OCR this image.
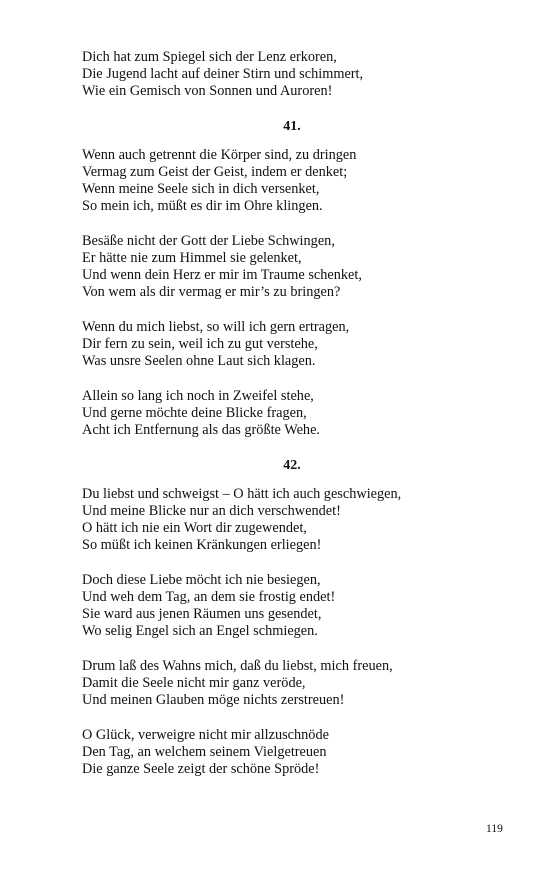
Dich hat zum Spiegel sich der Lenz erkoren,
Die Jugend lacht auf deiner Stirn und schimmert,
Wie ein Gemisch von Sonnen und Auroren!
41.
Wenn auch getrennt die Körper sind, zu dringen
Vermag zum Geist der Geist, indem er denket;
Wenn meine Seele sich in dich versenket,
So mein ich, müßt es dir im Ohre klingen.
Besäße nicht der Gott der Liebe Schwingen,
Er hätte nie zum Himmel sie gelenket,
Und wenn dein Herz er mir im Traume schenket,
Von wem als dir vermag er mir’s zu bringen?
Wenn du mich liebst, so will ich gern ertragen,
Dir fern zu sein, weil ich zu gut verstehe,
Was unsre Seelen ohne Laut sich klagen.
Allein so lang ich noch in Zweifel stehe,
Und gerne möchte deine Blicke fragen,
Acht ich Entfernung als das größte Wehe.
42.
Du liebst und schweigst – O hätt ich auch geschwiegen,
Und meine Blicke nur an dich verschwendet!
O hätt ich nie ein Wort dir zugewendet,
So müßt ich keinen Kränkungen erliegen!
Doch diese Liebe möcht ich nie besiegen,
Und weh dem Tag, an dem sie frostig endet!
Sie ward aus jenen Räumen uns gesendet,
Wo selig Engel sich an Engel schmiegen.
Drum laß des Wahns mich, daß du liebst, mich freuen,
Damit die Seele nicht mir ganz veröde,
Und meinen Glauben möge nichts zerstreuen!
O Glück, verweigre nicht mir allzuschnöde
Den Tag, an welchem seinem Vielgetreuen
Die ganze Seele zeigt der schöne Spröde!
119
